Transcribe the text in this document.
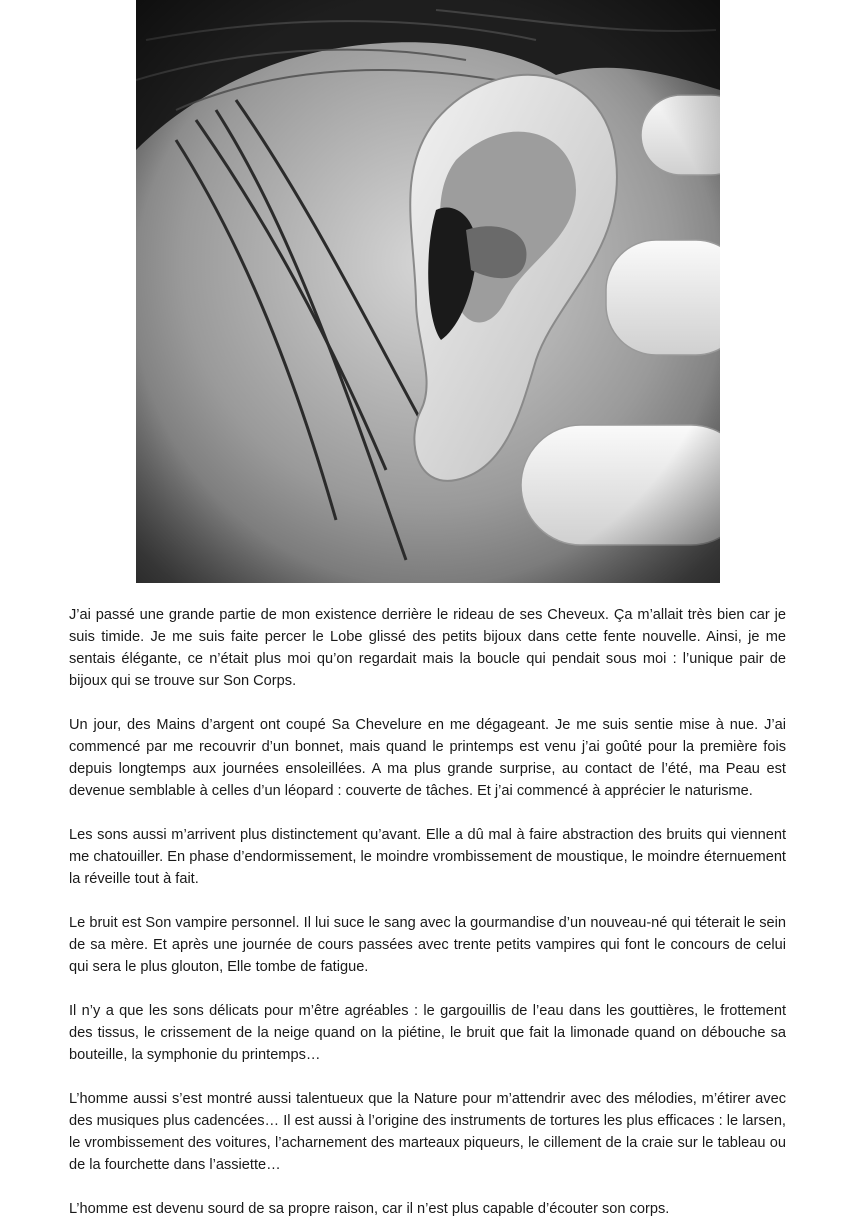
J’ai passé une grande partie de mon existence derrière le rideau de ses Cheveux. Ça m’allait très bien car je suis timide. Je me suis faite percer le Lobe glissé des petits bijoux dans cette fente nouvelle. Ainsi, je me sentais élégante, ce n’était plus moi qu’on regardait mais la boucle qui pendait sous moi : l’unique pair de bijoux qui se trouve sur Son Corps.

Un jour, des Mains d’argent ont coupé Sa Chevelure en me dégageant. Je me suis sentie mise à nue. J’ai commencé par me recouvrir d’un bonnet, mais quand le printemps est venu j’ai goûté pour la première fois depuis longtemps aux journées ensoleillées. A ma plus grande surprise, au contact de l’été, ma Peau est devenue semblable à celles d’un léopard : couverte de tâches. Et j’ai commencé à apprécier le naturisme.

Les sons aussi m’arrivent plus distinctement qu’avant. Elle a dû mal à faire abstraction des bruits qui viennent me chatouiller. En phase d’endormissement, le moindre vrombissement de moustique, le moindre éternuement la réveille tout à fait.

Le bruit est Son vampire personnel. Il lui suce le sang avec la gourmandise d’un nouveau-né qui téterait le sein de sa mère. Et après une journée de cours passées avec trente petits vampires qui font le concours de celui qui sera le plus glouton, Elle tombe de fatigue.

Il n’y a que les sons délicats pour m’être agréables : le gargouillis de l’eau dans les gouttières, le frottement des tissus, le crissement de la neige quand on la piétine, le bruit que fait la limonade quand on débouche sa bouteille, la symphonie du printemps…

L’homme aussi s’est montré aussi talentueux que la Nature pour m’attendrir avec des mélodies, m’étirer avec des musiques plus cadencées… Il est aussi à l’origine des instruments de tortures les plus efficaces : le larsen, le vrombissement des voitures, l’acharnement des marteaux piqueurs, le cillement de la craie sur le tableau ou de la fourchette dans l’assiette…

L’homme est devenu sourd de sa propre raison, car il n’est plus capable d’écouter son corps.
